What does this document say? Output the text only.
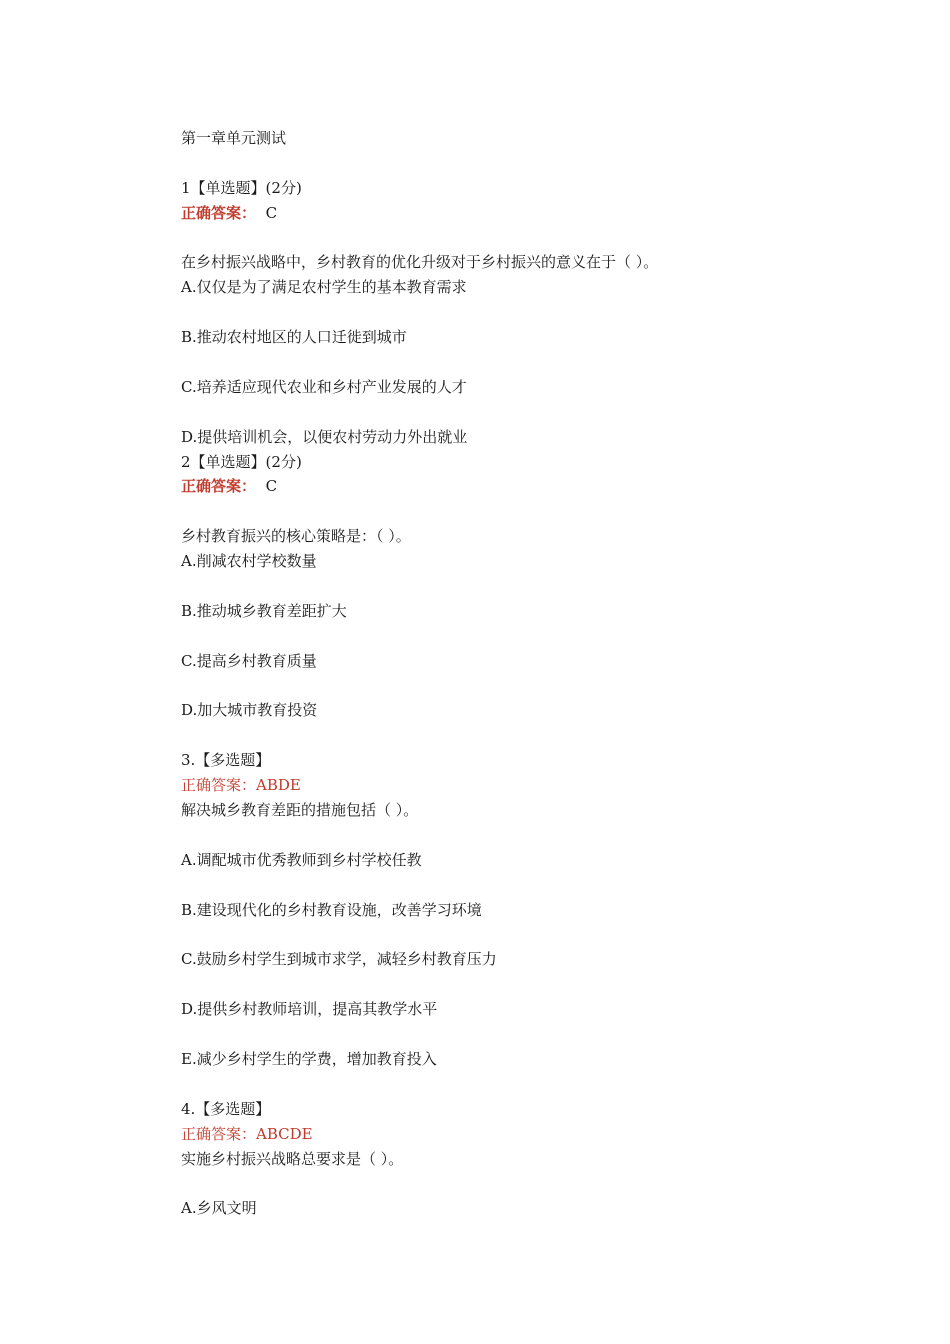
第一章单元测试
1【单选题】(2分)
正确答案： C
在乡村振兴战略中，乡村教育的优化升级对于乡村振兴的意义在于（ ）。
A.仅仅是为了满足农村学生的基本教育需求
B.推动农村地区的人口迁徙到城市
C.培养适应现代农业和乡村产业发展的人才
D.提供培训机会，以便农村劳动力外出就业
2【单选题】(2分)
正确答案： C
乡村教育振兴的核心策略是：（ ）。
A.削减农村学校数量
B.推动城乡教育差距扩大
C.提高乡村教育质量
D.加大城市教育投资
3.【多选题】
正确答案：ABDE
解决城乡教育差距的措施包括（ ）。
A.调配城市优秀教师到乡村学校任教
B.建设现代化的乡村教育设施，改善学习环境
C.鼓励乡村学生到城市求学，减轻乡村教育压力
D.提供乡村教师培训，提高其教学水平
E.减少乡村学生的学费，增加教育投入
4.【多选题】
正确答案：ABCDE
实施乡村振兴战略总要求是（ ）。
A.乡风文明
